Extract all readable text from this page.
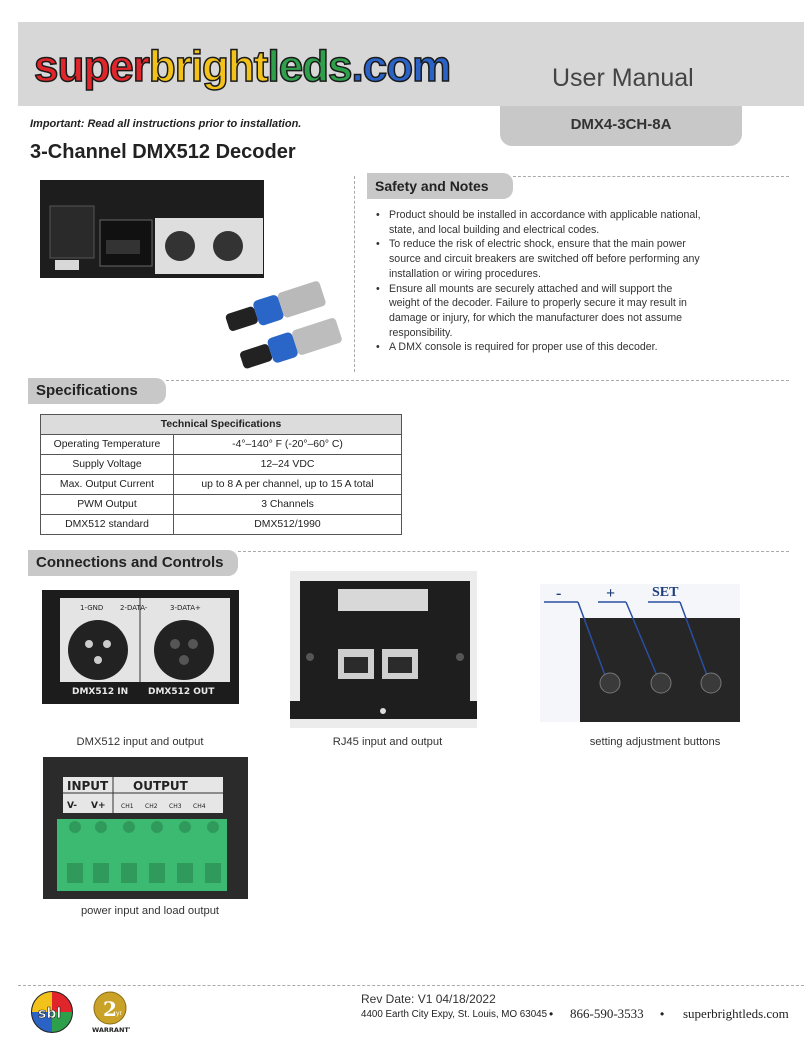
superbrightleds.com	User Manual
DMX4-3CH-8A
Important: Read all instructions prior to installation.
3-Channel DMX512 Decoder
Safety and Notes
• Product should be installed in accordance with applicable national, state, and local building and electrical codes.
• To reduce the risk of electric shock, ensure that the main power source and circuit breakers are switched off before performing any installation or wiring procedures.
• Ensure all mounts are securely attached and will support the weight of the decoder. Failure to properly secure it may result in damage or injury, for which the manufacturer does not assume responsibility.
• A DMX console is required for proper use of this decoder.
Specifications
Technical Specifications	
Operating Temperature	-4°–140° F (-20°–60° C)
Supply Voltage	12–24 VDC
Max. Output Current	up to 8 A per channel, up to 15 A total
PWM Output	3 Channels
DMX512 standard	DMX512/1990
Connections and Controls
1-GND 2-DATA-	3-DATA+
DMX512 IN DMX512 OUT
-	+	SET
INPUT OUTPUT
V- V+	CH1 CH2 CH3 CH4
DMX512 input and output	RJ45 input and output	setting adjustment buttons
power input and load output
sbl 2 yr
WARRANTY
Rev Date: V1 04/18/2022
4400 Earth City Expy, St. Louis, MO 63045 • 866-590-3533 • superbrightleds.com
